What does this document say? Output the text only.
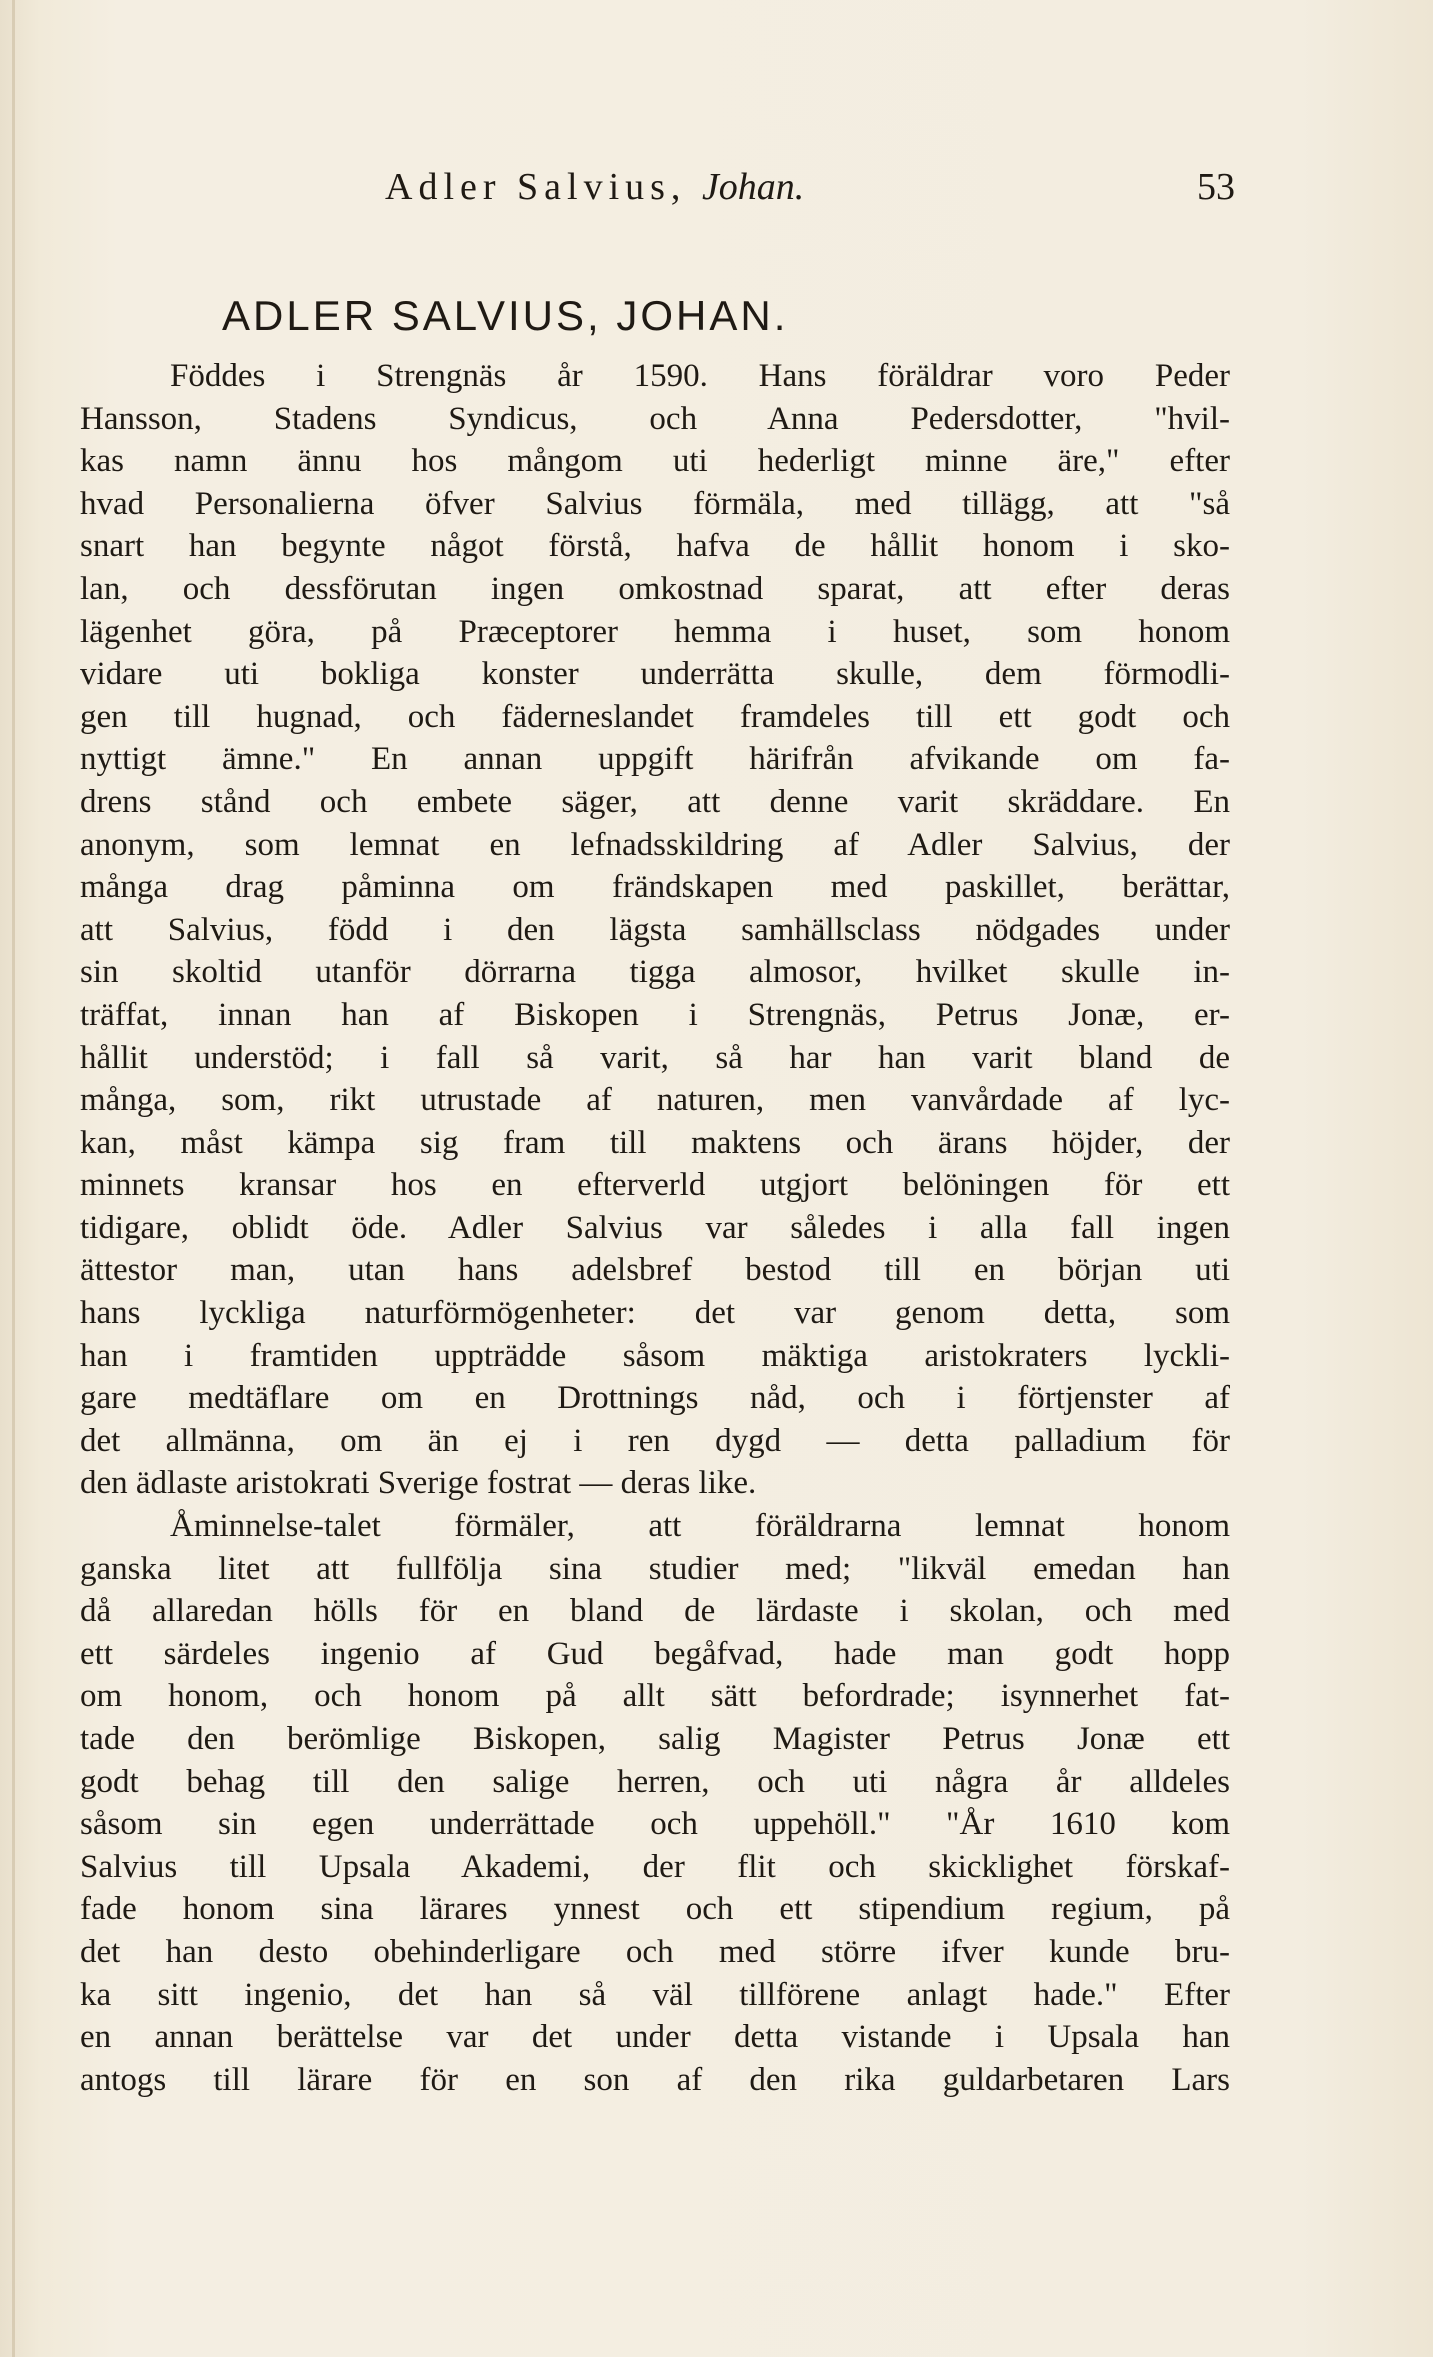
Adler Salvius, Johan.	53
ADLER SALVIUS, JOHAN.
Föddes i Strengnäs år 1590. Hans föräldrar voro Peder
Hansson, Stadens Syndicus, och Anna Pedersdotter, "hvil-
kas namn ännu hos mångom uti hederligt minne äre," efter
hvad Personalierna öfver Salvius förmäla, med tillägg, att "så
snart han begynte något förstå, hafva de hållit honom i sko-
lan, och dessförutan ingen omkostnad sparat, att efter deras
lägenhet göra, på Præceptorer hemma i huset, som honom
vidare uti bokliga konster underrätta skulle, dem förmodli-
gen till hugnad, och fäderneslandet framdeles till ett godt och
nyttigt ämne." En annan uppgift härifrån afvikande om fa-
drens stånd och embete säger, att denne varit skräddare. En
anonym, som lemnat en lefnadsskildring af Adler Salvius, der
många drag påminna om frändskapen med paskillet, berättar,
att Salvius, född i den lägsta samhällsclass nödgades under
sin skoltid utanför dörrarna tigga almosor, hvilket skulle in-
träffat, innan han af Biskopen i Strengnäs, Petrus Jonæ, er-
hållit understöd; i fall så varit, så har han varit bland de
många, som, rikt utrustade af naturen, men vanvårdade af lyc-
kan, måst kämpa sig fram till maktens och ärans höjder, der
minnets kransar hos en efterverld utgjort belöningen för ett
tidigare, oblidt öde. Adler Salvius var således i alla fall ingen
ättestor man, utan hans adelsbref bestod till en början uti
hans lyckliga naturförmögenheter: det var genom detta, som
han i framtiden uppträdde såsom mäktiga aristokraters lyckli-
gare medtäflare om en Drottnings nåd, och i förtjenster af
det allmänna, om än ej i ren dygd — detta palladium för
den ädlaste aristokrati Sverige fostrat — deras like.
Åminnelse-talet förmäler, att föräldrarna lemnat honom
ganska litet att fullfölja sina studier med; "likväl emedan han
då allaredan hölls för en bland de lärdaste i skolan, och med
ett särdeles ingenio af Gud begåfvad, hade man godt hopp
om honom, och honom på allt sätt befordrade; isynnerhet fat-
tade den berömlige Biskopen, salig Magister Petrus Jonæ ett
godt behag till den salige herren, och uti några år alldeles
såsom sin egen underrättade och uppehöll." "År 1610 kom
Salvius till Upsala Akademi, der flit och skicklighet förskaf-
fade honom sina lärares ynnest och ett stipendium regium, på
det han desto obehinderligare och med större ifver kunde bru-
ka sitt ingenio, det han så väl tillförene anlagt hade." Efter
en annan berättelse var det under detta vistande i Upsala han
antogs till lärare för en son af den rika guldarbetaren Lars
